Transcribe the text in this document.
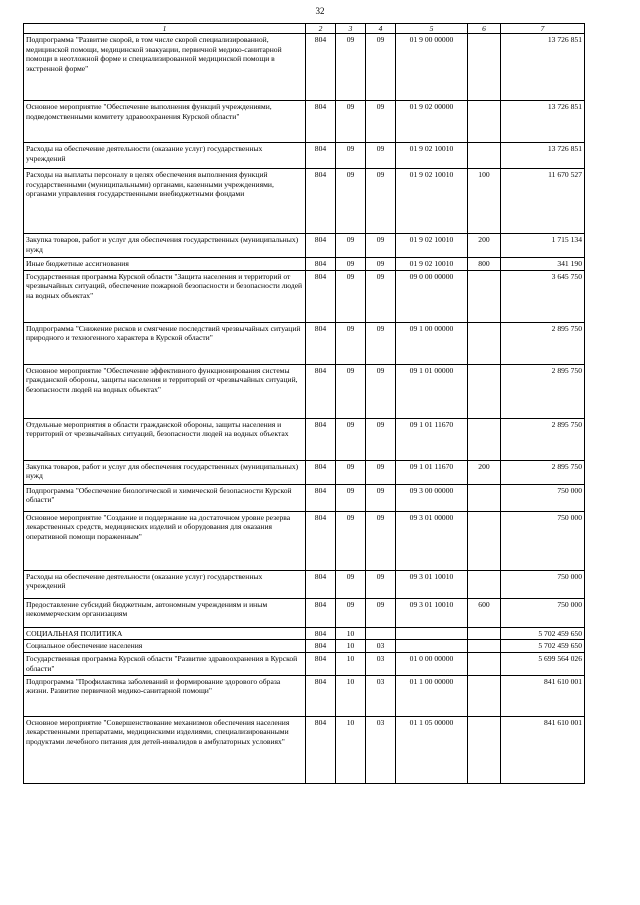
32
1	2	3	4	5	6	7
Подпрограмма "Развитие скорой, в том числе скорой специализированной, медицинской помощи, медицинской эвакуации, первичной медико-санитарной помощи в неотложной форме и специализированной медицинской помощи в экстренной форме"	804	09	09	01 9 00 00000		13 726 851
Основное мероприятие "Обеспечение выполнения функций учреждениями, подведомственными комитету здравоохранения Курской области"	804	09	09	01 9 02 00000		13 726 851
Расходы на обеспечение деятельности (оказание услуг) государственных учреждений	804	09	09	01 9 02 10010		13 726 851
Расходы на выплаты персоналу в целях обеспечения выполнения функций государственными (муниципальными) органами, казенными учреждениями, органами управления государственными внебюджетными фондами	804	09	09	01 9 02 10010	100	11 670 527
Закупка товаров, работ и услуг для обеспечения государственных (муниципальных) нужд	804	09	09	01 9 02 10010	200	1 715 134
Иные бюджетные ассигнования	804	09	09	01 9 02 10010	800	341 190
Государственная программа Курской области "Защита населения и территорий от чрезвычайных ситуаций, обеспечение пожарной безопасности и безопасности людей на водных объектах"	804	09	09	09 0 00 00000		3 645 750
Подпрограмма "Снижение рисков и смягчение последствий чрезвычайных ситуаций природного и техногенного характера в Курской области"	804	09	09	09 1 00 00000		2 895 750
Основное мероприятие "Обеспечение эффективного функционирования системы гражданской обороны, защиты населения и территорий от чрезвычайных ситуаций, безопасности людей на водных объектах"	804	09	09	09 1 01 00000		2 895 750
Отдельные мероприятия в области гражданской обороны, защиты населения и территорий от чрезвычайных ситуаций, безопасности людей на водных объектах	804	09	09	09 1 01 11670		2 895 750
Закупка товаров, работ и услуг для обеспечения государственных (муниципальных) нужд	804	09	09	09 1 01 11670	200	2 895 750
Подпрограмма "Обеспечение биологической и химической безопасности Курской области"	804	09	09	09 3 00 00000		750 000
Основное мероприятие "Создание и поддержание на достаточном уровне резерва лекарственных средств, медицинских изделий и оборудования для оказания оперативной помощи пораженным"	804	09	09	09 3 01 00000		750 000
Расходы на обеспечение деятельности (оказание услуг) государственных учреждений	804	09	09	09 3 01 10010		750 000
Предоставление субсидий бюджетным, автономным учреждениям и иным некоммерческим организациям	804	09	09	09 3 01 10010	600	750 000
СОЦИАЛЬНАЯ ПОЛИТИКА	804	10				5 702 459 650
Социальное обеспечение населения	804	10	03			5 702 459 650
Государственная программа Курской области "Развитие здравоохранения в Курской области"	804	10	03	01 0 00 00000		5 699 564 026
Подпрограмма "Профилактика заболеваний и формирование здорового образа жизни. Развитие первичной медико-санитарной помощи"	804	10	03	01 1 00 00000		841 610 001
Основное мероприятие "Совершенствование механизмов обеспечения населения лекарственными препаратами, медицинскими изделиями, специализированными продуктами лечебного питания для детей-инвалидов в амбулаторных условиях"	804	10	03	01 1 05 00000		841 610 001
